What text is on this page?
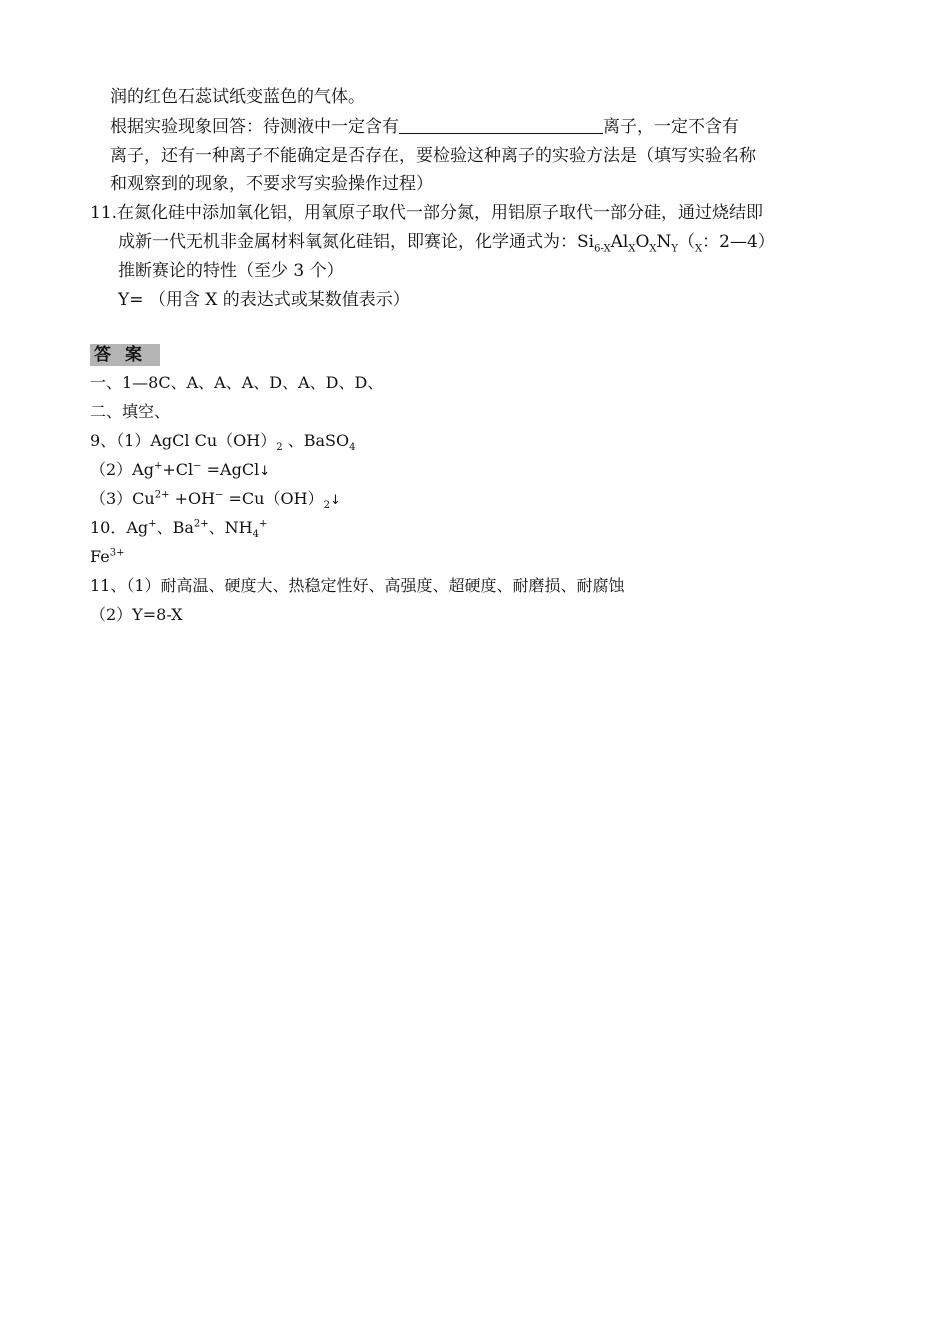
润的红色石蕊试纸变蓝色的气体。
根据实验现象回答：待测液中一定含有	离子，一定不含有
离子，还有一种离子不能确定是否存在，要检验这种离子的实验方法是（填写实验名称
和观察到的现象，不要求写实验操作过程）
11.在氮化硅中添加氧化铝，用氧原子取代一部分氮，用铝原子取代一部分硅，通过烧结即
成新一代无机非金属材料氧氮化硅铝，即赛论，化学通式为：$Si_{6-X}Al_XO_XN_Y(_X$：2—4）
推断赛论的特性（至少 3 个）
Y= （用含 X 的表达式或某数值表示）
答案
一、1—8C、A、A、A、D、A、D、D、
二、填空、
9、（1）AgCl $Cu(OH)_2$ 、BaSO$_4$
（2）Ag++Cl− =AgCl↓
$(3)Cu^{2+} +OH^-$ $=Cu(OH)_2↓$
10．Ag+、$Ba^{2+}$、$NH_4^+$
$Fe^{3+}$
11、（1）耐高温、硬度大、热稳定性好、高强度、超硬度、耐磨损、耐腐蚀
（2）Y=8-X
